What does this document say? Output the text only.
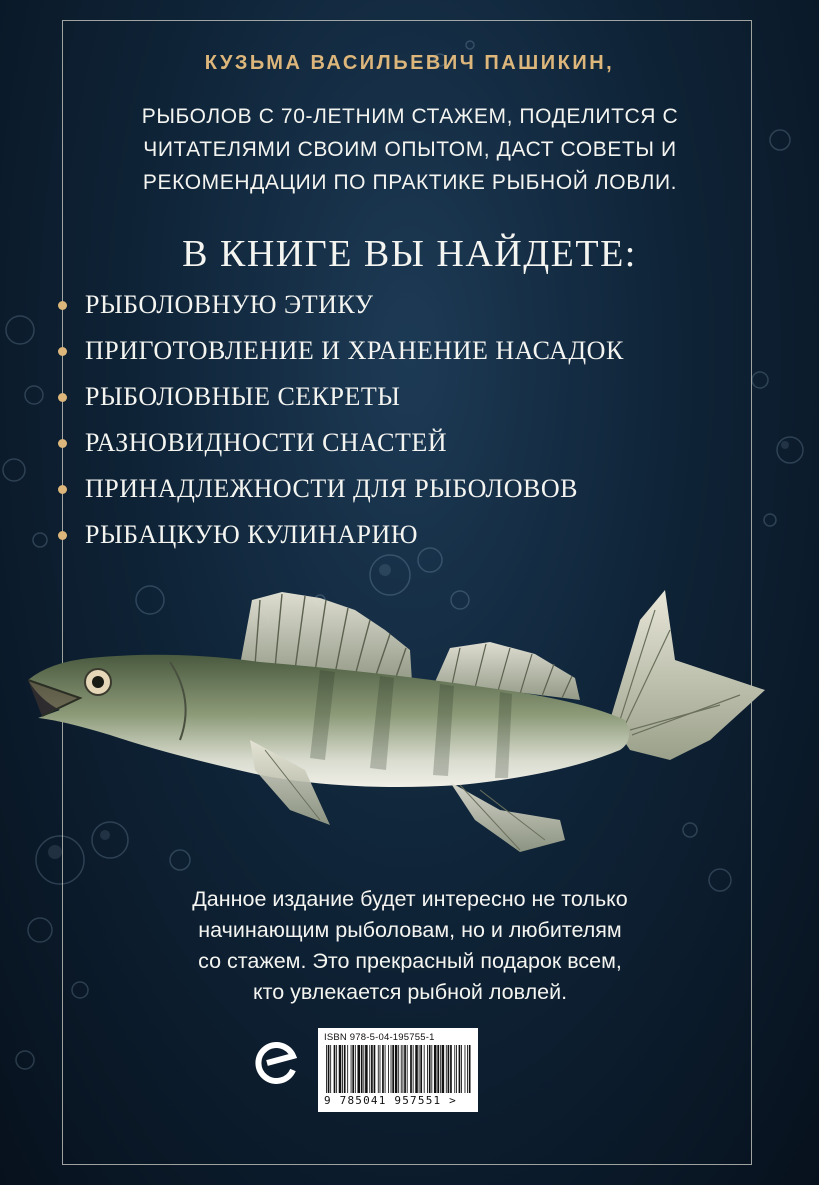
КУЗЬМА ВАСИЛЬЕВИЧ ПАШИКИН,
РЫБОЛОВ С 70-ЛЕТНИМ СТАЖЕМ, ПОДЕЛИТСЯ С
ЧИТАТЕЛЯМИ СВОИМ ОПЫТОМ, ДАСТ СОВЕТЫ И
РЕКОМЕНДАЦИИ ПО ПРАКТИКЕ РЫБНОЙ ЛОВЛИ.
В КНИГЕ ВЫ НАЙДЕТЕ:
РЫБОЛОВНУЮ ЭТИКУ
ПРИГОТОВЛЕНИЕ И ХРАНЕНИЕ НАСАДОК
РЫБОЛОВНЫЕ СЕКРЕТЫ
РАЗНОВИДНОСТИ СНАСТЕЙ
ПРИНАДЛЕЖНОСТИ ДЛЯ РЫБОЛОВОВ
РЫБАЦКУЮ КУЛИНАРИЮ
Данное издание будет интересно не только
начинающим рыболовам, но и любителям
со стажем. Это прекрасный подарок всем,
кто увлекается рыбной ловлей.
ISBN 978-5-04-195755-1
9 785041 957551 >
